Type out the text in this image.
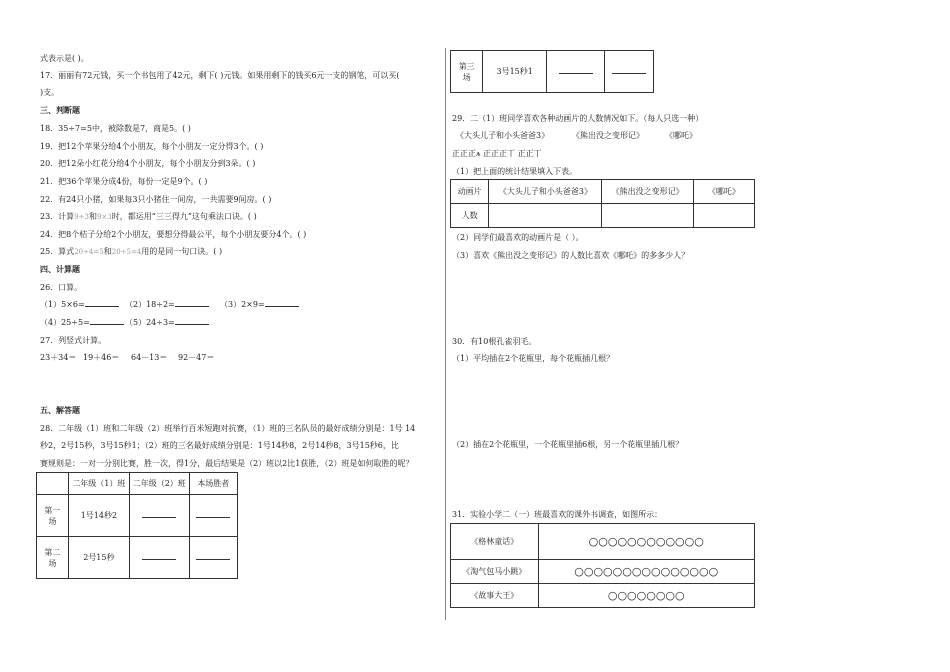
式表示是( )。
17．丽丽有72元钱，买一个书包用了42元，剩下( )元钱。如果用剩下的钱买6元一支的钢笔，可以买(
)支。
三、判断题
18．35÷7=5中，被除数是7，商是5。( )
19．把12个苹果分给4个小朋友，每个小朋友一定分得3个。( )
20．把12朵小红花分给4个小朋友，每个小朋友分到3朵。( )
21．把36个苹果分成4份，每份一定是9个。( )
22．有24只小猪，如果每3只小猪住一间房，一共需要9间房。( )
23．计算9÷3和9×3时，都运用“三三得九”这句乘法口诀。( )
24．把8个桔子分给2个小朋友，要想分得最公平，每个小朋友要分4个。( )
25．算式20÷4=5和20÷5=4用的是同一句口诀。( )
四、计算题
26．口算。
（1）5×6=	（2）18÷2=	（3）2×9=
（4）25÷5=	（5）24÷3=
27．列竖式计算。
23＋34＝ 19＋46＝ 64－13＝ 92－47＝
五、解答题
28．二年级（1）班和二年级（2）班举行百米短跑对抗赛，（1）班的三名队员的最好成绩分别是：1号 14
秒2，2号15秒，3号15秒1；（2）班的三名最好成绩分别是：1号14秒8，2号14秒8，3号15秒6，比
赛规则是：一对一分别比赛，胜一次，得1分，最后结果是（2）班以2比1获胜，（2）班是如何取胜的呢？
	二年级（1）班	二年级（2）班	本场胜者
第一
场	1号14秒2		
第二
场	2号15秒		
第三
场	3号15秒1		
29．二（1）班同学喜欢各种动画片的人数情况如下。（每人只选一种）
《大头儿子和小头爸爸3》	《熊出没之变形记》	《哪吒》
正正正⩚ 正正正丅 正正丅
（1）把上面的统计结果填入下表。
动画片	《大头儿子和小头爸爸3》	《熊出没之变形记》	《哪吒》
人数			
（2）同学们最喜欢的动画片是（ ）。
（3）喜欢《熊出没之变形记》的人数比喜欢《哪吒》的多多少人？
30．有10根孔雀羽毛。
（1）平均插在2个花瓶里，每个花瓶插几根？
（2）插在2个花瓶里，一个花瓶里插6根，另一个花瓶里插几根？
31．实验小学二（一）班最喜欢的课外书调查，如图所示：
《格林童话》	○○○○○○○○○○○○
《淘气包马小跳》	○○○○○○○○○○○○○○○
《故事大王》	○○○○○○○○
